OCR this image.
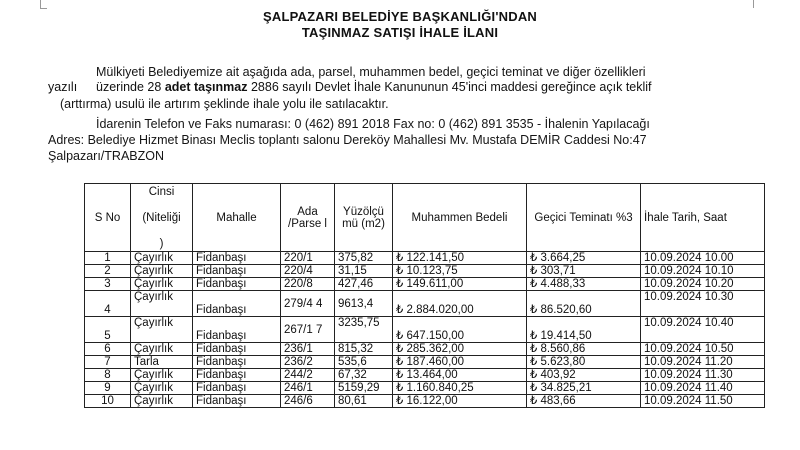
ŞALPAZARI BELEDİYE BAŞKANLIĞI'NDAN
TAŞINMAZ SATIŞI İHALE İLANI
Mülkiyeti Belediyemize ait aşağıda ada, parsel, muhammen bedel, geçici teminat ve diğer özellikleri
yazılı üzerinde 28 adet taşınmaz 2886 sayılı Devlet İhale Kanununun 45'inci maddesi gereğince açık teklif
(arttırma) usulü ile artırım şeklinde ihale yolu ile satılacaktır.
İdarenin Telefon ve Faks numarası: 0 (462) 891 2018 Fax no: 0 (462) 891 3535 - İhalenin Yapılacağı
Adres: Belediye Hizmet Binası Meclis toplantı salonu Dereköy Mahallesi Mv. Mustafa DEMİR Caddesi No:47
Şalpazarı/TRABZON
S No	Cinsi
(Niteliği
)	Mahalle	Ada /Parse l	Yüzölçü mü (m2)	Muhammen Bedeli	Geçici Teminatı %3	İhale Tarih, Saat
1	Çayırlık	Fidanbaşı	220/1	375,82	₺ 122.141,50	₺ 3.664,25	10.09.2024 10.00
2	Çayırlık	Fidanbaşı	220/4	31,15	₺ 10.123,75	₺ 303,71	10.09.2024 10.10
3	Çayırlık	Fidanbaşı	220/8	427,46	₺ 149.611,00	₺ 4.488,33	10.09.2024 10.20
4	Çayırlık	Fidanbaşı	279/4 4	9613,4	₺ 2.884.020,00	₺ 86.520,60	10.09.2024 10.30
5	Çayırlık	Fidanbaşı	267/1 7	3235,75	₺ 647.150,00	₺ 19.414,50	10.09.2024 10.40
6	Çayırlık	Fidanbaşı	236/1	815,32	₺ 285.362,00	₺ 8.560,86	10.09.2024 10.50
7	Tarla	Fidanbaşı	236/2	535,6	₺ 187.460,00	₺ 5.623,80	10.09.2024 11.20
8	Çayırlık	Fidanbaşı	244/2	67,32	₺ 13.464,00	₺ 403,92	10.09.2024 11.30
9	Çayırlık	Fidanbaşı	246/1	5159,29	₺ 1.160.840,25	₺ 34.825,21	10.09.2024 11.40
10	Çayırlık	Fidanbaşı	246/6	80,61	₺ 16.122,00	₺ 483,66	10.09.2024 11.50
